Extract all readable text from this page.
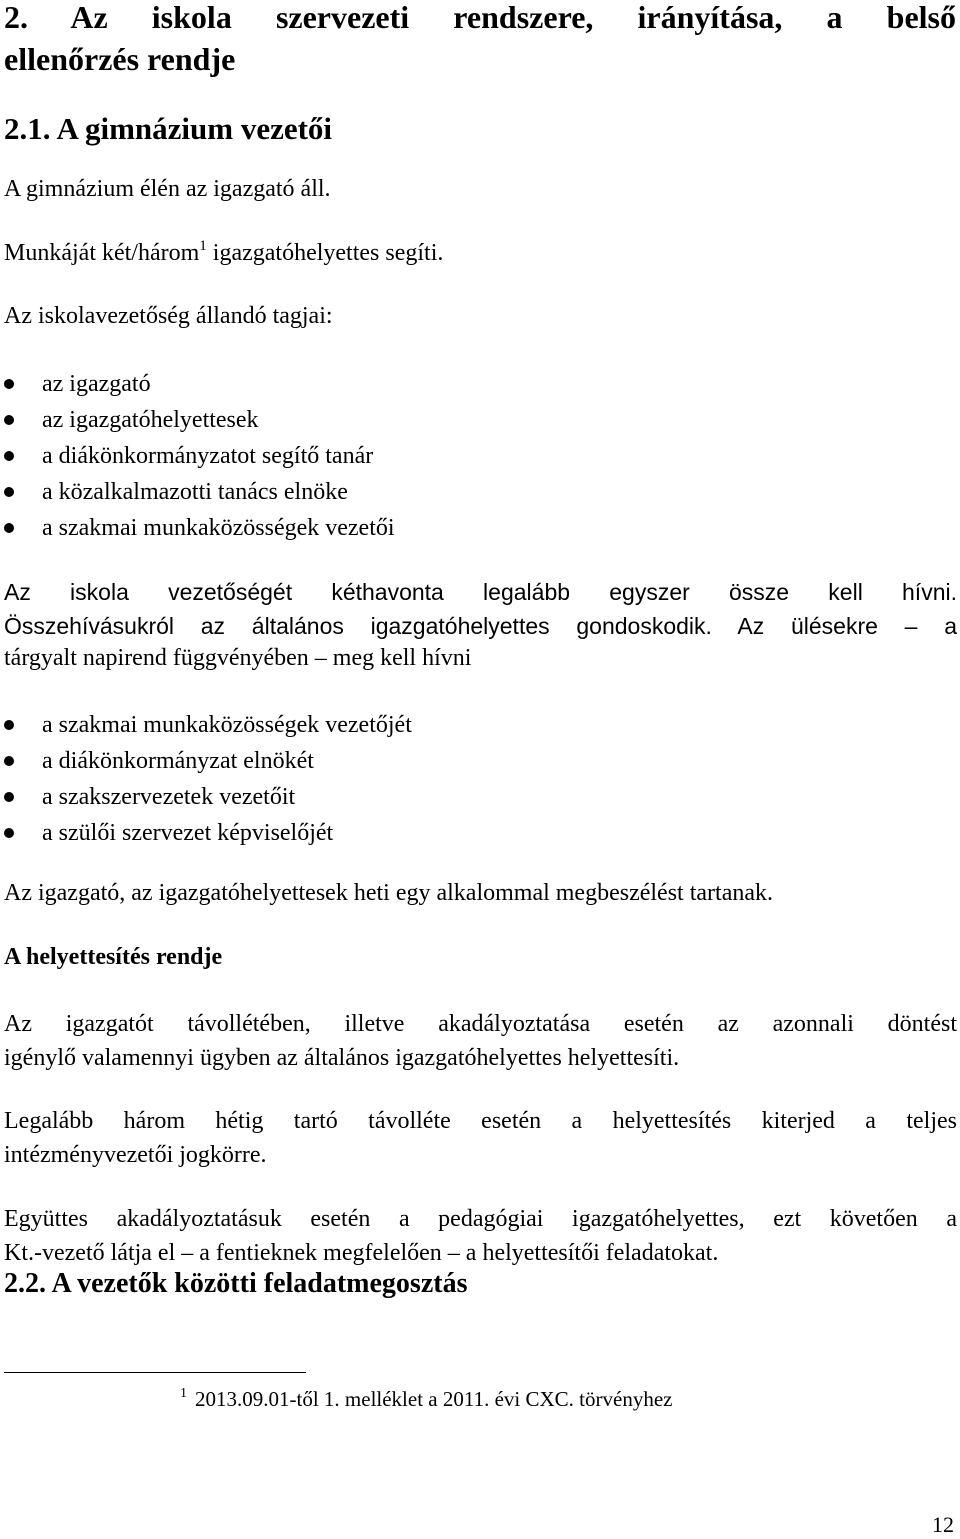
2. Az iskola szervezeti rendszere, irányítása, a belső
ellenőrzés rendje
2.1. A gimnázium vezetői
A gimnázium élén az igazgató áll.
Munkáját két/három$^1$ igazgatóhelyettes segíti.
Az iskolavezetőség állandó tagjai:
az igazgató
az igazgatóhelyettesek
a diákönkormányzatot segítő tanár
a közalkalmazotti tanács elnöke
a szakmai munkaközösségek vezetői
Az iskola vezetőségét kéthavonta legalább egyszer össze kell hívni.
Összehívásukról az általános igazgatóhelyettes gondoskodik. Az ülésekre – a
tárgyalt napirend függvényében – meg kell hívni
a szakmai munkaközösségek vezetőjét
a diákönkormányzat elnökét
a szakszervezetek vezetőit
a szülői szervezet képviselőjét
Az igazgató, az igazgatóhelyettesek heti egy alkalommal megbeszélést tartanak.
A helyettesítés rendje
Az igazgatót távollétében, illetve akadályoztatása esetén az azonnali döntést
igénylő valamennyi ügyben az általános igazgatóhelyettes helyettesíti.
Legalább három hétig tartó távolléte esetén a helyettesítés kiterjed a teljes
intézményvezetői jogkörre.
Együttes akadályoztatásuk esetén a pedagógiai igazgatóhelyettes, ezt követően a
Kt.-vezető látja el – a fentieknek megfelelően – a helyettesítői feladatokat.
2.2. A vezetők közötti feladatmegosztás
$^1$ 2013.09.01-től 1. melléklet a 2011. évi CXC. törvényhez
12
